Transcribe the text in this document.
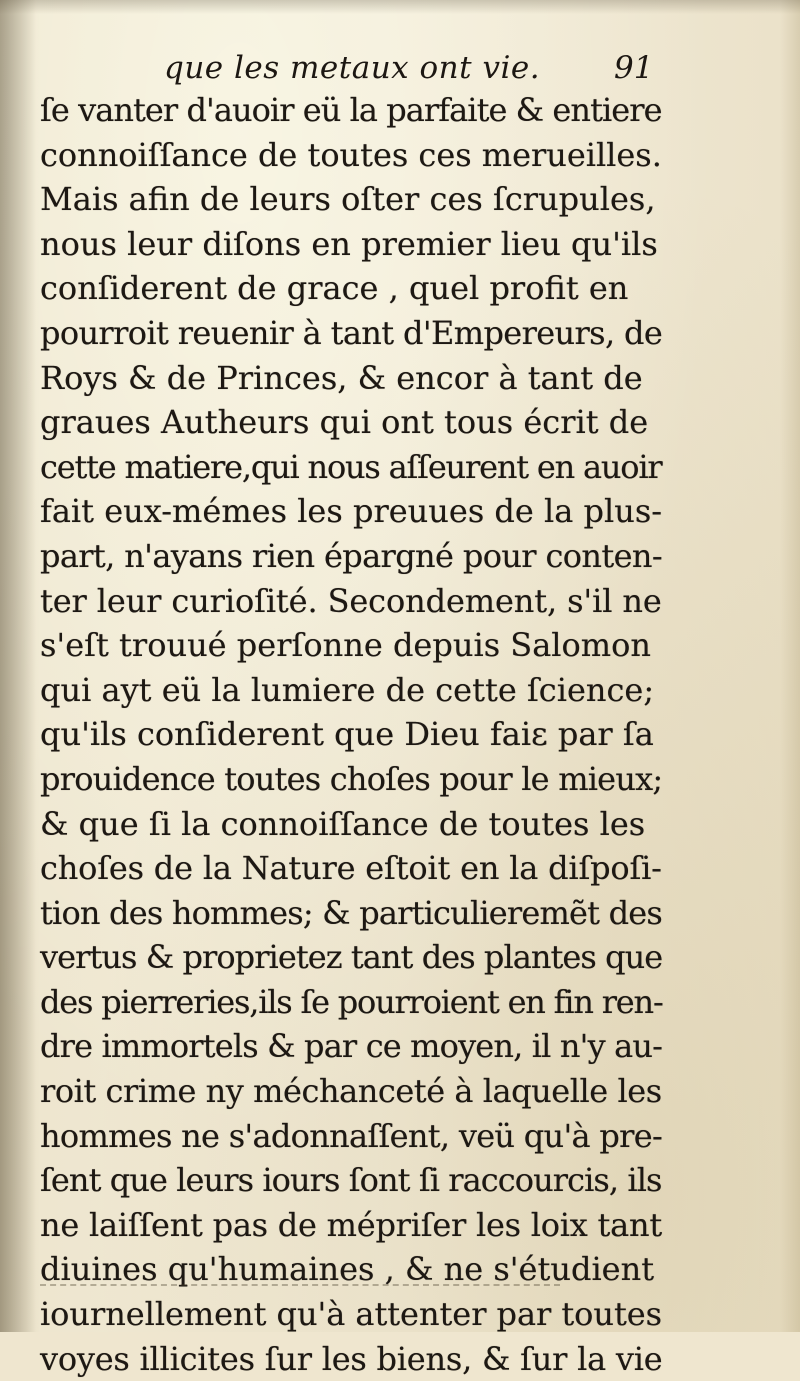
que les metaux ont vie. 91
ſe vanter d'auoir eü la parfaite & entiere
connoiſſance de toutes ces merueilles.
Mais afin de leurs oſter ces ſcrupules,
nous leur diſons en premier lieu qu'ils
conſiderent de grace , quel profit en
pourroit reuenir à tant d'Empereurs, de
Roys & de Princes, & encor à tant de
graues Autheurs qui ont tous écrit de
cette matiere,qui nous aſſeurent en auoir
fait eux-mémes les preuues de la plus-
part, n'ayans rien épargné pour conten-
ter leur curioſité. Secondement, s'il ne
s'eſt trouué perſonne depuis Salomon
qui ayt eü la lumiere de cette ſcience;
qu'ils conſiderent que Dieu faiɛ par ſa
prouidence toutes choſes pour le mieux;
& que ſi la connoiſſance de toutes les
choſes de la Nature eſtoit en la diſpoſi-
tion des hommes; & particulieremẽt des
vertus & proprietez tant des plantes que
des pierreries,ils ſe pourroient en fin ren-
dre immortels & par ce moyen, il n'y au-
roit crime ny méchanceté à laquelle les
hommes ne s'adonnaſſent, veü qu'à pre-
ſent que leurs iours ſont ſi raccourcis, ils
ne laiſſent pas de mépriſer les loix tant
diuines qu'humaines , & ne s'étudient
iournellement qu'à attenter par toutes
voyes illicites ſur les biens, & ſur la vie
